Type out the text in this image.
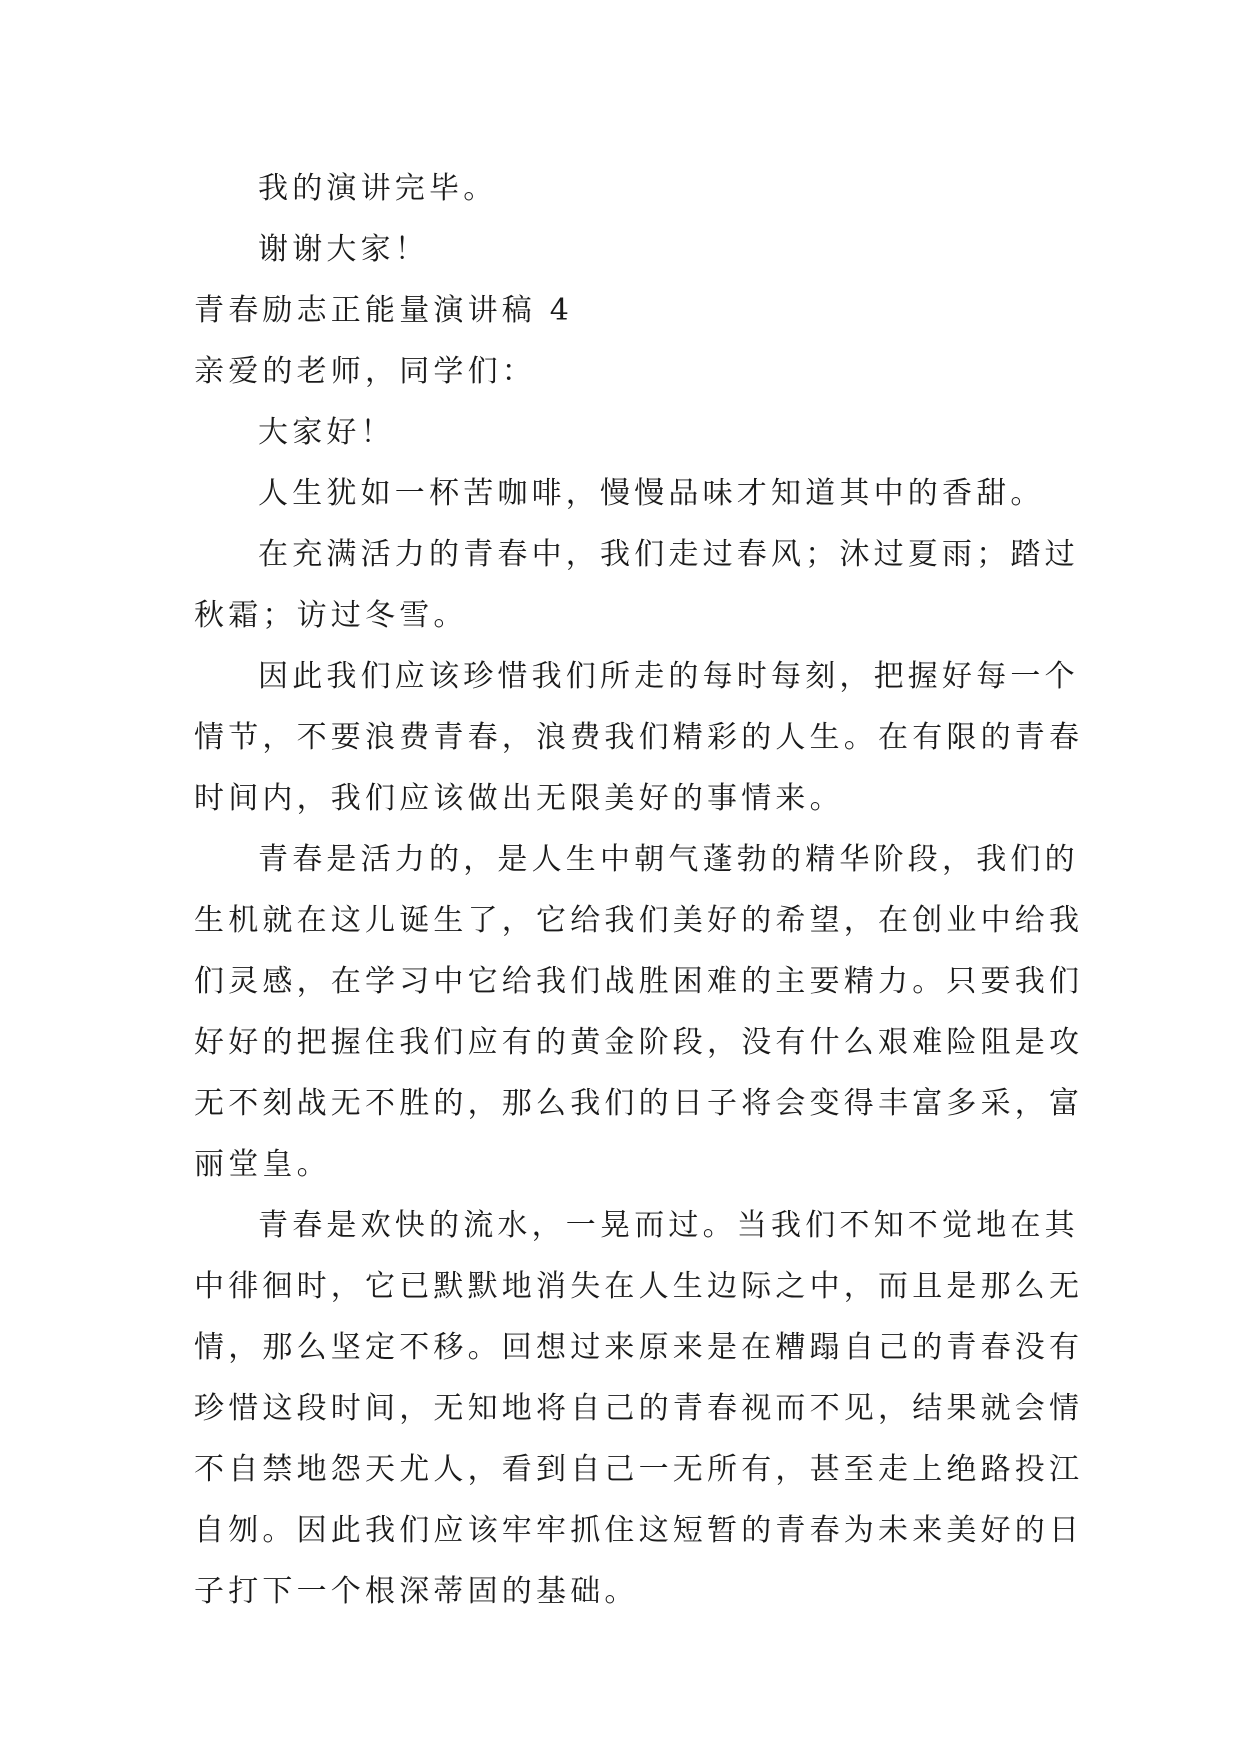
我的演讲完毕。
谢谢大家！
青春励志正能量演讲稿 4
亲爱的老师，同学们：
大家好！
人生犹如一杯苦咖啡，慢慢品味才知道其中的香甜。
在充满活力的青春中，我们走过春风；沐过夏雨；踏过
秋霜；访过冬雪。
因此我们应该珍惜我们所走的每时每刻，把握好每一个
情节，不要浪费青春，浪费我们精彩的人生。在有限的青春
时间内，我们应该做出无限美好的事情来。
青春是活力的，是人生中朝气蓬勃的精华阶段，我们的
生机就在这儿诞生了，它给我们美好的希望，在创业中给我
们灵感，在学习中它给我们战胜困难的主要精力。只要我们
好好的把握住我们应有的黄金阶段，没有什么艰难险阻是攻
无不刻战无不胜的，那么我们的日子将会变得丰富多采，富
丽堂皇。
青春是欢快的流水，一晃而过。当我们不知不觉地在其
中徘徊时，它已默默地消失在人生边际之中，而且是那么无
情，那么坚定不移。回想过来原来是在糟蹋自己的青春没有
珍惜这段时间，无知地将自己的青春视而不见，结果就会情
不自禁地怨天尤人，看到自己一无所有，甚至走上绝路投江
自刎。因此我们应该牢牢抓住这短暂的青春为未来美好的日
子打下一个根深蒂固的基础。
